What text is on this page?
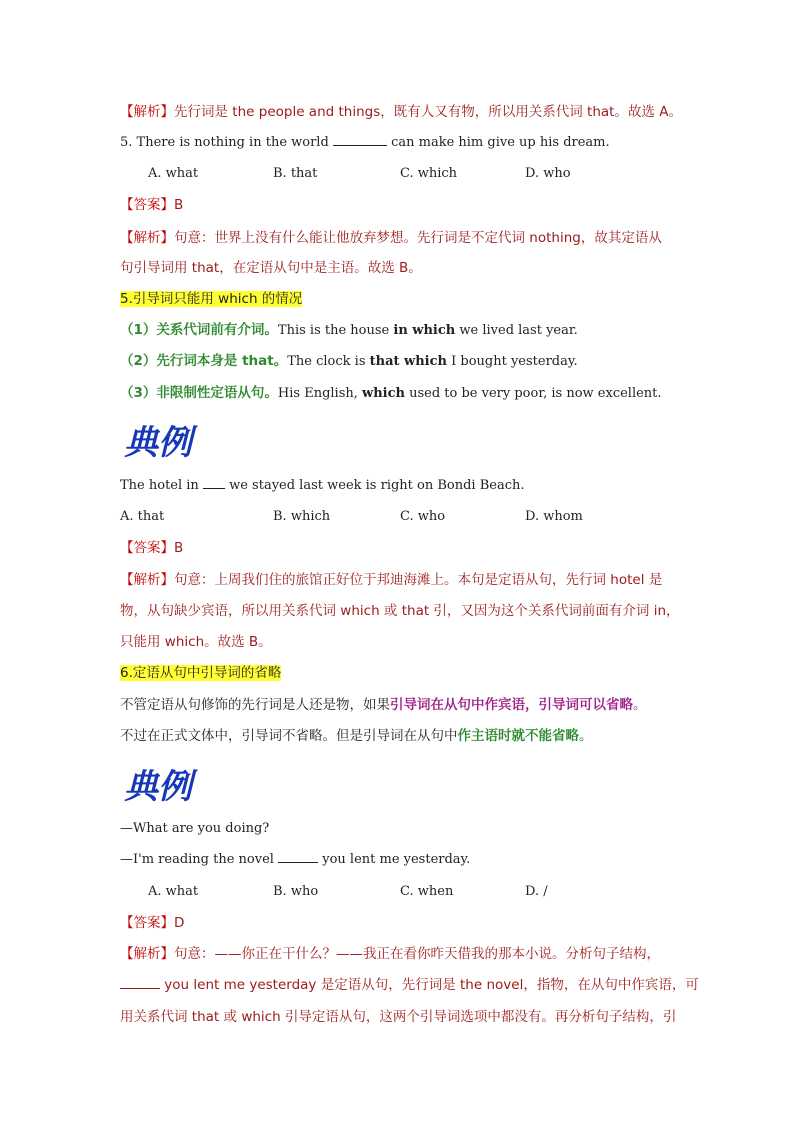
【解析】先行词是 the people and things，既有人又有物，所以用关系代词 that。故选 A。
5. There is nothing in the world	can make him give up his dream.
A. what	B. that	C. which	D. who
【答案】B
【解析】句意：世界上没有什么能让他放弃梦想。先行词是不定代词 nothing，故其定语从
句引导词用 that，在定语从句中是主语。故选 B。
5.引导词只能用 which 的情况
（1）关系代词前有介词。This is the house in which we lived last year.
（2）先行词本身是 that。The clock is that which I bought yesterday.
（3）非限制性定语从句。His English, which used to be very poor, is now excellent.
典例
The hotel in we stayed last week is right on Bondi Beach.
A. that	B. which	C. who	D. whom
【答案】B
【解析】句意：上周我们住的旅馆正好位于邦迪海滩上。本句是定语从句，先行词 hotel 是
物，从句缺少宾语，所以用关系代词 which 或 that 引，又因为这个关系代词前面有介词 in，
只能用 which。故选 B。
6.定语从句中引导词的省略
不管定语从句修饰的先行词是人还是物，如果引导词在从句中作宾语，引导词可以省略。
不过在正式文体中，引导词不省略。但是引导词在从句中作主语时就不能省略。
典例
—What are you doing?
—I'm reading the novel	you lent me yesterday.
A. what	B. who	C. when	D. /
【答案】D
【解析】句意：——你正在干什么？——我正在看你昨天借我的那本小说。分析句子结构，
you lent me yesterday 是定语从句，先行词是 the novel，指物，在从句中作宾语，可
用关系代词 that 或 which 引导定语从句，这两个引导词选项中都没有。再分析句子结构，引
